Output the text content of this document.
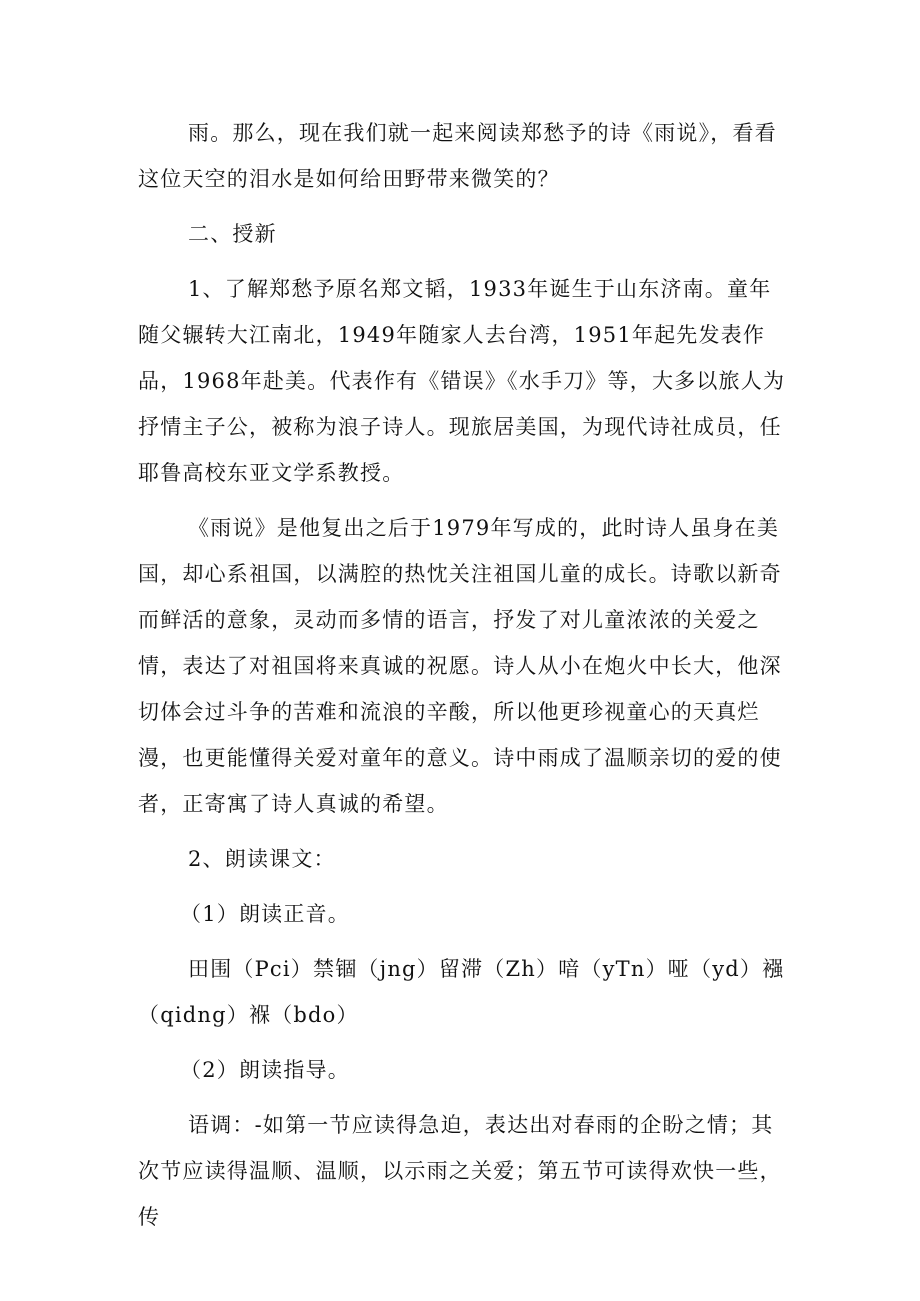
雨。那么，现在我们就一起来阅读郑愁予的诗《雨说》，看看这位天空的泪水是如何给田野带来微笑的？

二、授新

1、了解郑愁予原名郑文韬，1933年诞生于山东济南。童年随父辗转大江南北，1949年随家人去台湾，1951年起先发表作品，1968年赴美。代表作有《错误》《水手刀》等，大多以旅人为抒情主子公，被称为浪子诗人。现旅居美国，为现代诗社成员，任耶鲁高校东亚文学系教授。

《雨说》是他复出之后于1979年写成的，此时诗人虽身在美国，却心系祖国，以满腔的热忱关注祖国儿童的成长。诗歌以新奇而鲜活的意象，灵动而多情的语言，抒发了对儿童浓浓的关爱之情，表达了对祖国将来真诚的祝愿。诗人从小在炮火中长大，他深切体会过斗争的苦难和流浪的辛酸，所以他更珍视童心的天真烂漫，也更能懂得关爱对童年的意义。诗中雨成了温顺亲切的爱的使者，正寄寓了诗人真诚的希望。

2、朗读课文：

（1）朗读正音。

田围（Pci）禁锢（jng）留滞（Zh）喑（yTn）哑（yd）襁（qidng）褓（bdo）

（2）朗读指导。

语调：-如第一节应读得急迫，表达出对春雨的企盼之情；其次节应读得温顺、温顺，以示雨之关爱；第五节可读得欢快一些，传
